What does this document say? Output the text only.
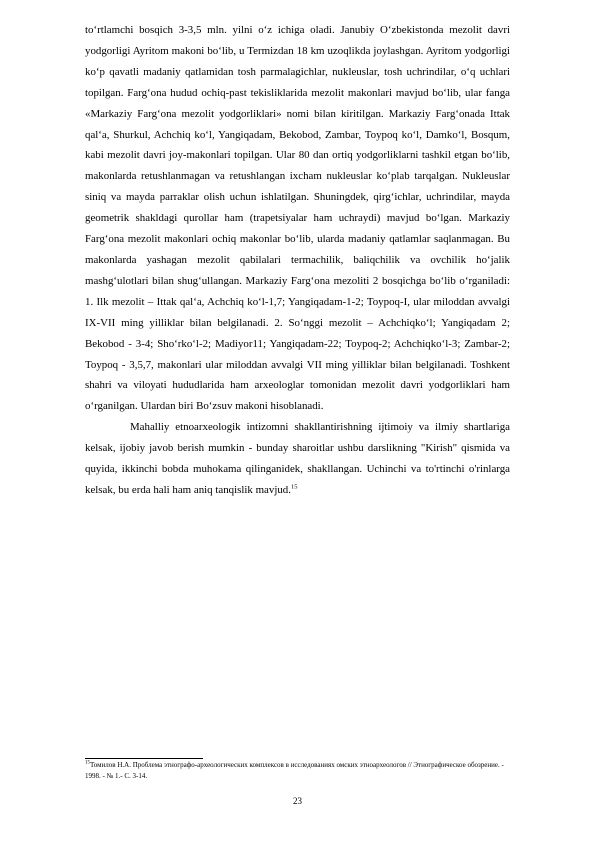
to‘rtlamchi bosqich 3-3,5 mln. yilni o‘z ichiga oladi. Janubiy O‘zbekistonda mezolit davri yodgorligi Ayritom makoni bo‘lib, u Termizdan 18 km uzoqlikda joylashgan. Ayritom yodgorligi ko‘p qavatli madaniy qatlamidan tosh parmalagichlar, nukleuslar, tosh uchrindilar, o‘q uchlari topilgan. Farg‘ona hudud ochiq-past tekisliklarida mezolit makonlari mavjud bo‘lib, ular fanga «Markaziy Farg‘ona mezolit yodgorliklari» nomi bilan kiritilgan. Markaziy Farg‘onada Ittak qal‘a, Shurkul, Achchiq ko‘l, Yangiqadam, Bekobod, Zambar, Toypoq ko‘l, Damko‘l, Bosqum, kabi mezolit davri joy-makonlari topilgan. Ular 80 dan ortiq yodgorliklarni tashkil etgan bo‘lib, makonlarda retushlanmagan va retushlangan ixcham nukleuslar ko‘plab tarqalgan. Nukleuslar siniq va mayda parraklar olish uchun ishlatilgan. Shuningdek, qirg‘ichlar, uchrindilar, mayda geometrik shakldagi qurollar ham (trapetsiyalar ham uchraydi) mavjud bo‘lgan. Markaziy Farg‘ona mezolit makonlari ochiq makonlar bo‘lib, ularda madaniy qatlamlar saqlanmagan. Bu makonlarda yashagan mezolit qabilalari termachilik, baliqchilik va ovchilik ho‘jalik mashg‘ulotlari bilan shug‘ullangan. Markaziy Farg‘ona mezoliti 2 bosqichga bo‘lib o‘rganiladi: 1. Ilk mezolit – Ittak qal‘a, Achchiq ko‘l-1,7; Yangiqadam-1-2; Toypoq-I, ular miloddan avvalgi IX-VII ming yilliklar bilan belgilanadi. 2. So‘nggi mezolit – Achchiqko‘l; Yangiqadam 2; Bekobod - 3-4; Sho‘rko‘l-2; Madiyor11; Yangiqadam-22; Toypoq-2; Achchiqko‘l-3; Zambar-2; Toypoq - 3,5,7, makonlari ular miloddan avvalgi VII ming yilliklar bilan belgilanadi. Toshkent shahri va viloyati hududlarida ham arxeologlar tomonidan mezolit davri yodgorliklari ham o‘rganilgan. Ulardan biri Bo‘zsuv makoni hisoblanadi.

Mahalliy etnoarxeologik intizomni shakllantirishning ijtimoiy va ilmiy shartlariga kelsak, ijobiy javob berish mumkin - bunday sharoitlar ushbu darslikning "Kirish" qismida va quyida, ikkinchi bobda muhokama qilinganidek, shakllangan. Uchinchi va to'rtinchi o'rinlarga kelsak, bu erda hali ham aniq tanqislik mavjud.$^{15}$

$^{15}$Томилов Н.А. Проблема этнографо-археологических комплексов в исследованиях омских этноархеологов // Этнографическое обозрение. - 1998. - № 1.- С. 3-14.
23
